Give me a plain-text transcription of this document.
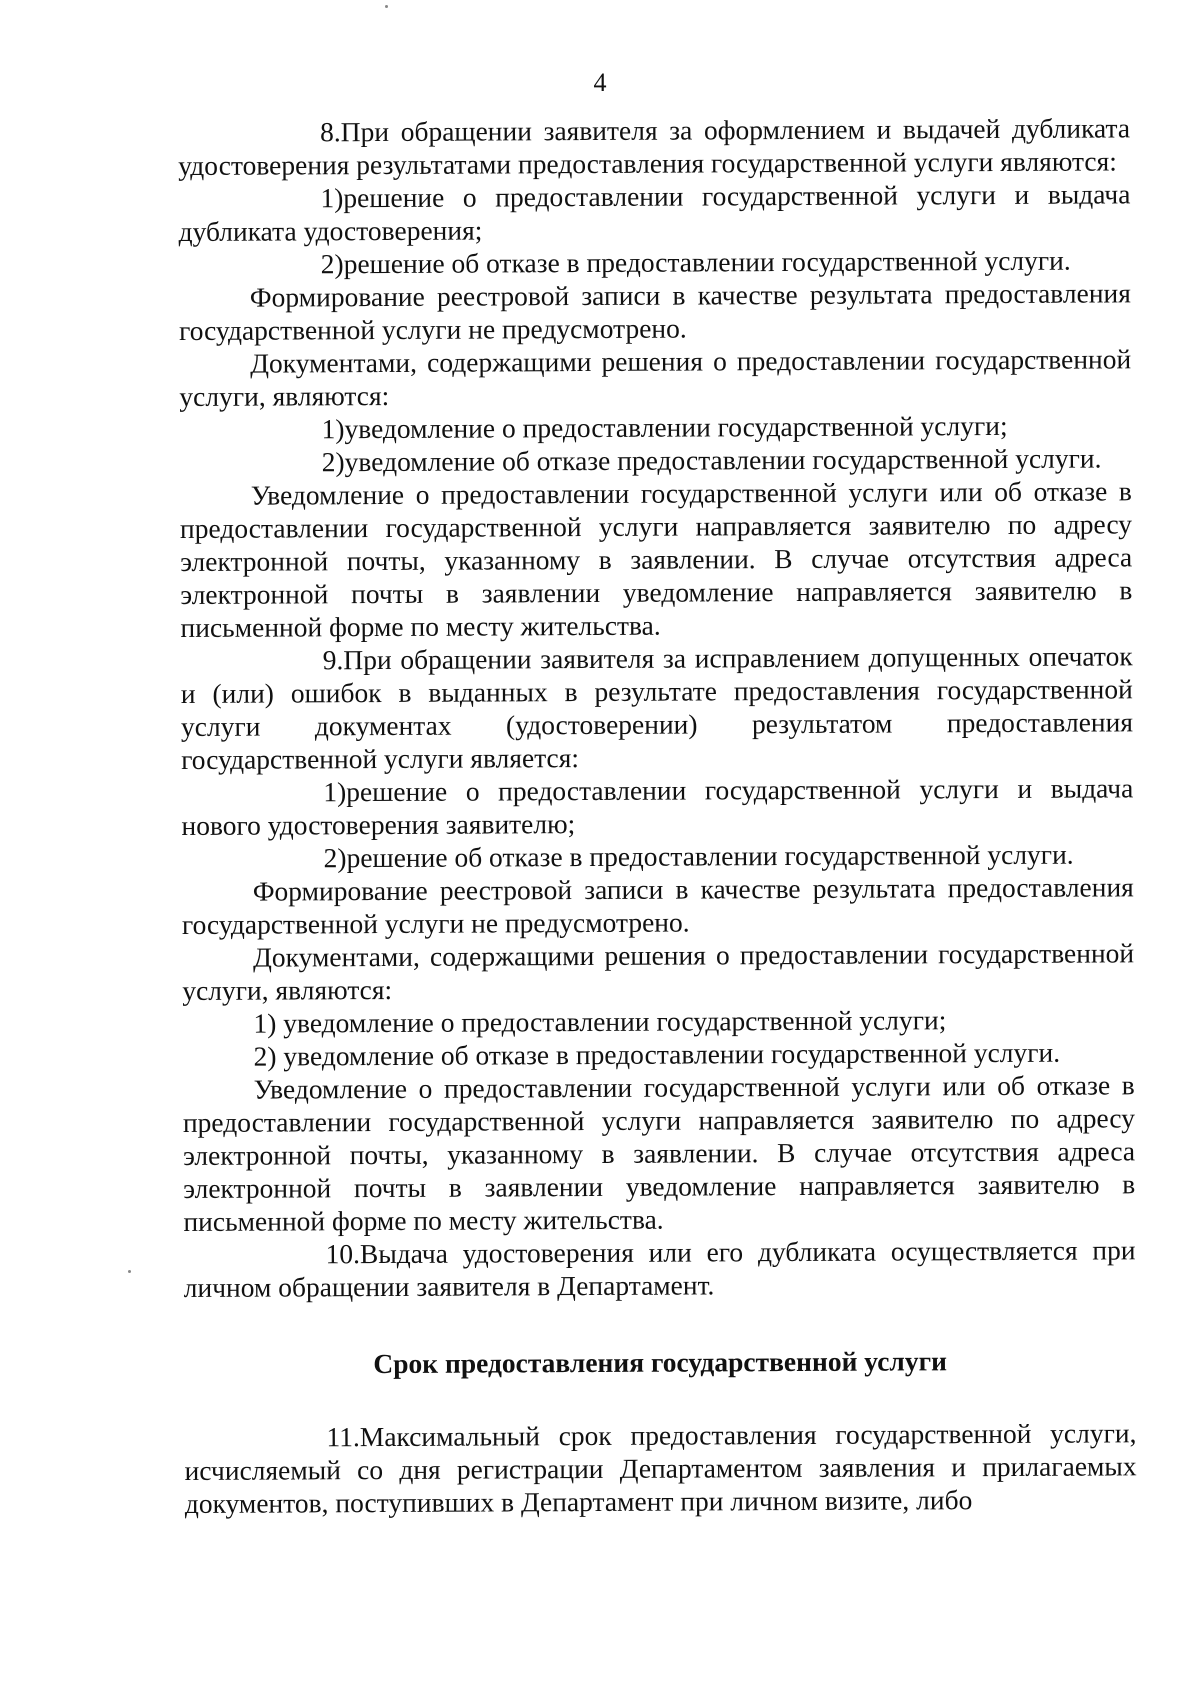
4

8.При обращении заявителя за оформлением и выдачей дубликата удостоверения результатами предоставления государственной услуги являются:

1)решение о предоставлении государственной услуги и выдача дубликата удостоверения;

2)решение об отказе в предоставлении государственной услуги.

Формирование реестровой записи в качестве результата предоставления государственной услуги не предусмотрено.

Документами, содержащими решения о предоставлении государственной услуги, являются:

1)уведомление о предоставлении государственной услуги;

2)уведомление об отказе предоставлении государственной услуги.

Уведомление о предоставлении государственной услуги или об отказе в предоставлении государственной услуги направляется заявителю по адресу электронной почты, указанному в заявлении. В случае отсутствия адреса электронной почты в заявлении уведомление направляется заявителю в письменной форме по месту жительства.

9.При обращении заявителя за исправлением допущенных опечаток и (или) ошибок в выданных в результате предоставления государственной услуги документах (удостоверении) результатом предоставления государственной услуги является:

1)решение о предоставлении государственной услуги и выдача нового удостоверения заявителю;

2)решение об отказе в предоставлении государственной услуги.

Формирование реестровой записи в качестве результата предоставления государственной услуги не предусмотрено.

Документами, содержащими решения о предоставлении государственной услуги, являются:

1) уведомление о предоставлении государственной услуги;

2) уведомление об отказе в предоставлении государственной услуги.

Уведомление о предоставлении государственной услуги или об отказе в предоставлении государственной услуги направляется заявителю по адресу электронной почты, указанному в заявлении. В случае отсутствия адреса электронной почты в заявлении уведомление направляется заявителю в письменной форме по месту жительства.

10.Выдача удостоверения или его дубликата осуществляется при личном обращении заявителя в Департамент.

Срок предоставления государственной услуги

11.Максимальный срок предоставления государственной услуги, исчисляемый со дня регистрации Департаментом заявления и прилагаемых документов, поступивших в Департамент при личном визите, либо
